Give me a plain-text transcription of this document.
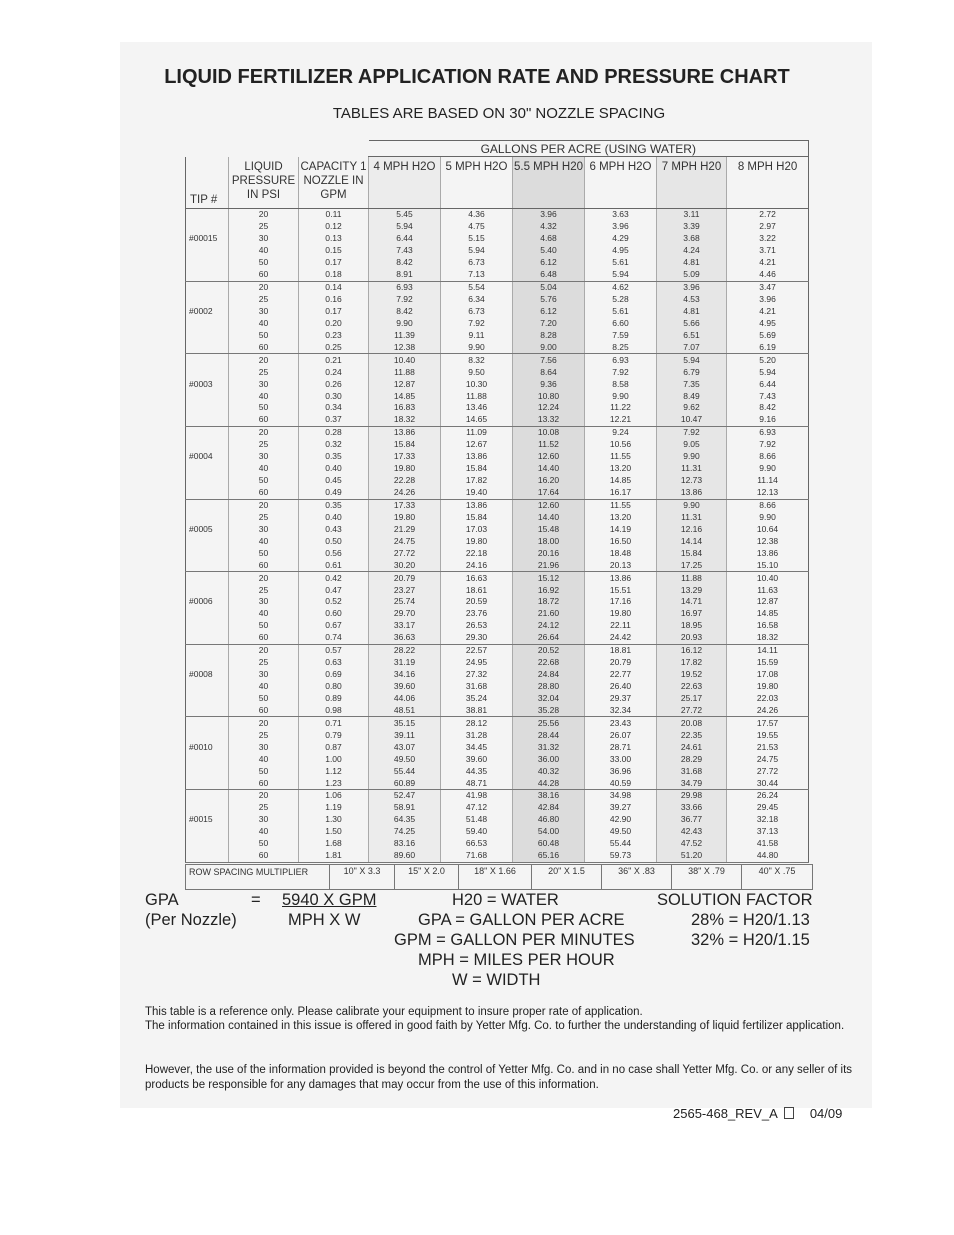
LIQUID FERTILIZER APPLICATION RATE AND PRESSURE CHART
TABLES ARE BASED ON 30" NOZZLE SPACING
			GALLONS PER ACRE (USING WATER)					
TIP #	LIQUID PRESSURE IN PSI	CAPACITY 1 NOZZLE IN GPM	4 MPH H2O	5 MPH H2O	5.5 MPH H20	6 MPH H2O	7 MPH H20	8 MPH H20
	20	0.11	5.45	4.36	3.96	3.63	3.11	2.72
	25	0.12	5.94	4.75	4.32	3.96	3.39	2.97
#00015	30	0.13	6.44	5.15	4.68	4.29	3.68	3.22
	40	0.15	7.43	5.94	5.40	4.95	4.24	3.71
	50	0.17	8.42	6.73	6.12	5.61	4.81	4.21
	60	0.18	8.91	7.13	6.48	5.94	5.09	4.46
	20	0.14	6.93	5.54	5.04	4.62	3.96	3.47
	25	0.16	7.92	6.34	5.76	5.28	4.53	3.96
#0002	30	0.17	8.42	6.73	6.12	5.61	4.81	4.21
	40	0.20	9.90	7.92	7.20	6.60	5.66	4.95
	50	0.23	11.39	9.11	8.28	7.59	6.51	5.69
	60	0.25	12.38	9.90	9.00	8.25	7.07	6.19
	20	0.21	10.40	8.32	7.56	6.93	5.94	5.20
	25	0.24	11.88	9.50	8.64	7.92	6.79	5.94
#0003	30	0.26	12.87	10.30	9.36	8.58	7.35	6.44
	40	0.30	14.85	11.88	10.80	9.90	8.49	7.43
	50	0.34	16.83	13.46	12.24	11.22	9.62	8.42
	60	0.37	18.32	14.65	13.32	12.21	10.47	9.16
	20	0.28	13.86	11.09	10.08	9.24	7.92	6.93
	25	0.32	15.84	12.67	11.52	10.56	9.05	7.92
#0004	30	0.35	17.33	13.86	12.60	11.55	9.90	8.66
	40	0.40	19.80	15.84	14.40	13.20	11.31	9.90
	50	0.45	22.28	17.82	16.20	14.85	12.73	11.14
	60	0.49	24.26	19.40	17.64	16.17	13.86	12.13
	20	0.35	17.33	13.86	12.60	11.55	9.90	8.66
	25	0.40	19.80	15.84	14.40	13.20	11.31	9.90
#0005	30	0.43	21.29	17.03	15.48	14.19	12.16	10.64
	40	0.50	24.75	19.80	18.00	16.50	14.14	12.38
	50	0.56	27.72	22.18	20.16	18.48	15.84	13.86
	60	0.61	30.20	24.16	21.96	20.13	17.25	15.10
	20	0.42	20.79	16.63	15.12	13.86	11.88	10.40
	25	0.47	23.27	18.61	16.92	15.51	13.29	11.63
#0006	30	0.52	25.74	20.59	18.72	17.16	14.71	12.87
	40	0.60	29.70	23.76	21.60	19.80	16.97	14.85
	50	0.67	33.17	26.53	24.12	22.11	18.95	16.58
	60	0.74	36.63	29.30	26.64	24.42	20.93	18.32
	20	0.57	28.22	22.57	20.52	18.81	16.12	14.11
	25	0.63	31.19	24.95	22.68	20.79	17.82	15.59
#0008	30	0.69	34.16	27.32	24.84	22.77	19.52	17.08
	40	0.80	39.60	31.68	28.80	26.40	22.63	19.80
	50	0.89	44.06	35.24	32.04	29.37	25.17	22.03
	60	0.98	48.51	38.81	35.28	32.34	27.72	24.26
	20	0.71	35.15	28.12	25.56	23.43	20.08	17.57
	25	0.79	39.11	31.28	28.44	26.07	22.35	19.55
#0010	30	0.87	43.07	34.45	31.32	28.71	24.61	21.53
	40	1.00	49.50	39.60	36.00	33.00	28.29	24.75
	50	1.12	55.44	44.35	40.32	36.96	31.68	27.72
	60	1.23	60.89	48.71	44.28	40.59	34.79	30.44
	20	1.06	52.47	41.98	38.16	34.98	29.98	26.24
	25	1.19	58.91	47.12	42.84	39.27	33.66	29.45
#0015	30	1.30	64.35	51.48	46.80	42.90	36.77	32.18
	40	1.50	74.25	59.40	54.00	49.50	42.43	37.13
	50	1.68	83.16	66.53	60.48	55.44	47.52	41.58
	60	1.81	89.60	71.68	65.16	59.73	51.20	44.80
ROW SPACING MULTIPLIER	10" X 3.3	15" X 2.0	18" X 1.66	20" X 1.5	36" X .83	38" X .79	40" X .75
GPA
(Per Nozzle)
= 5940 X GPM
MPH X W
H20 = WATER
GPA = GALLON PER ACRE
GPM = GALLON PER MINUTES
MPH = MILES PER HOUR
W = WIDTH
SOLUTION FACTOR
28% = H20/1.13
32% = H20/1.15
This table is a reference only. Please calibrate your equipment to insure proper rate of application.
The information contained in this issue is offered in good faith by Yetter Mfg. Co. to further the understanding of liquid fertilizer application.
However, the use of the information provided is beyond the control of Yetter Mfg. Co. and in no case shall Yetter Mfg. Co. or any seller of its products be responsible for any damages that may occur from the use of this information.
2565-468_REV_A 04/09
